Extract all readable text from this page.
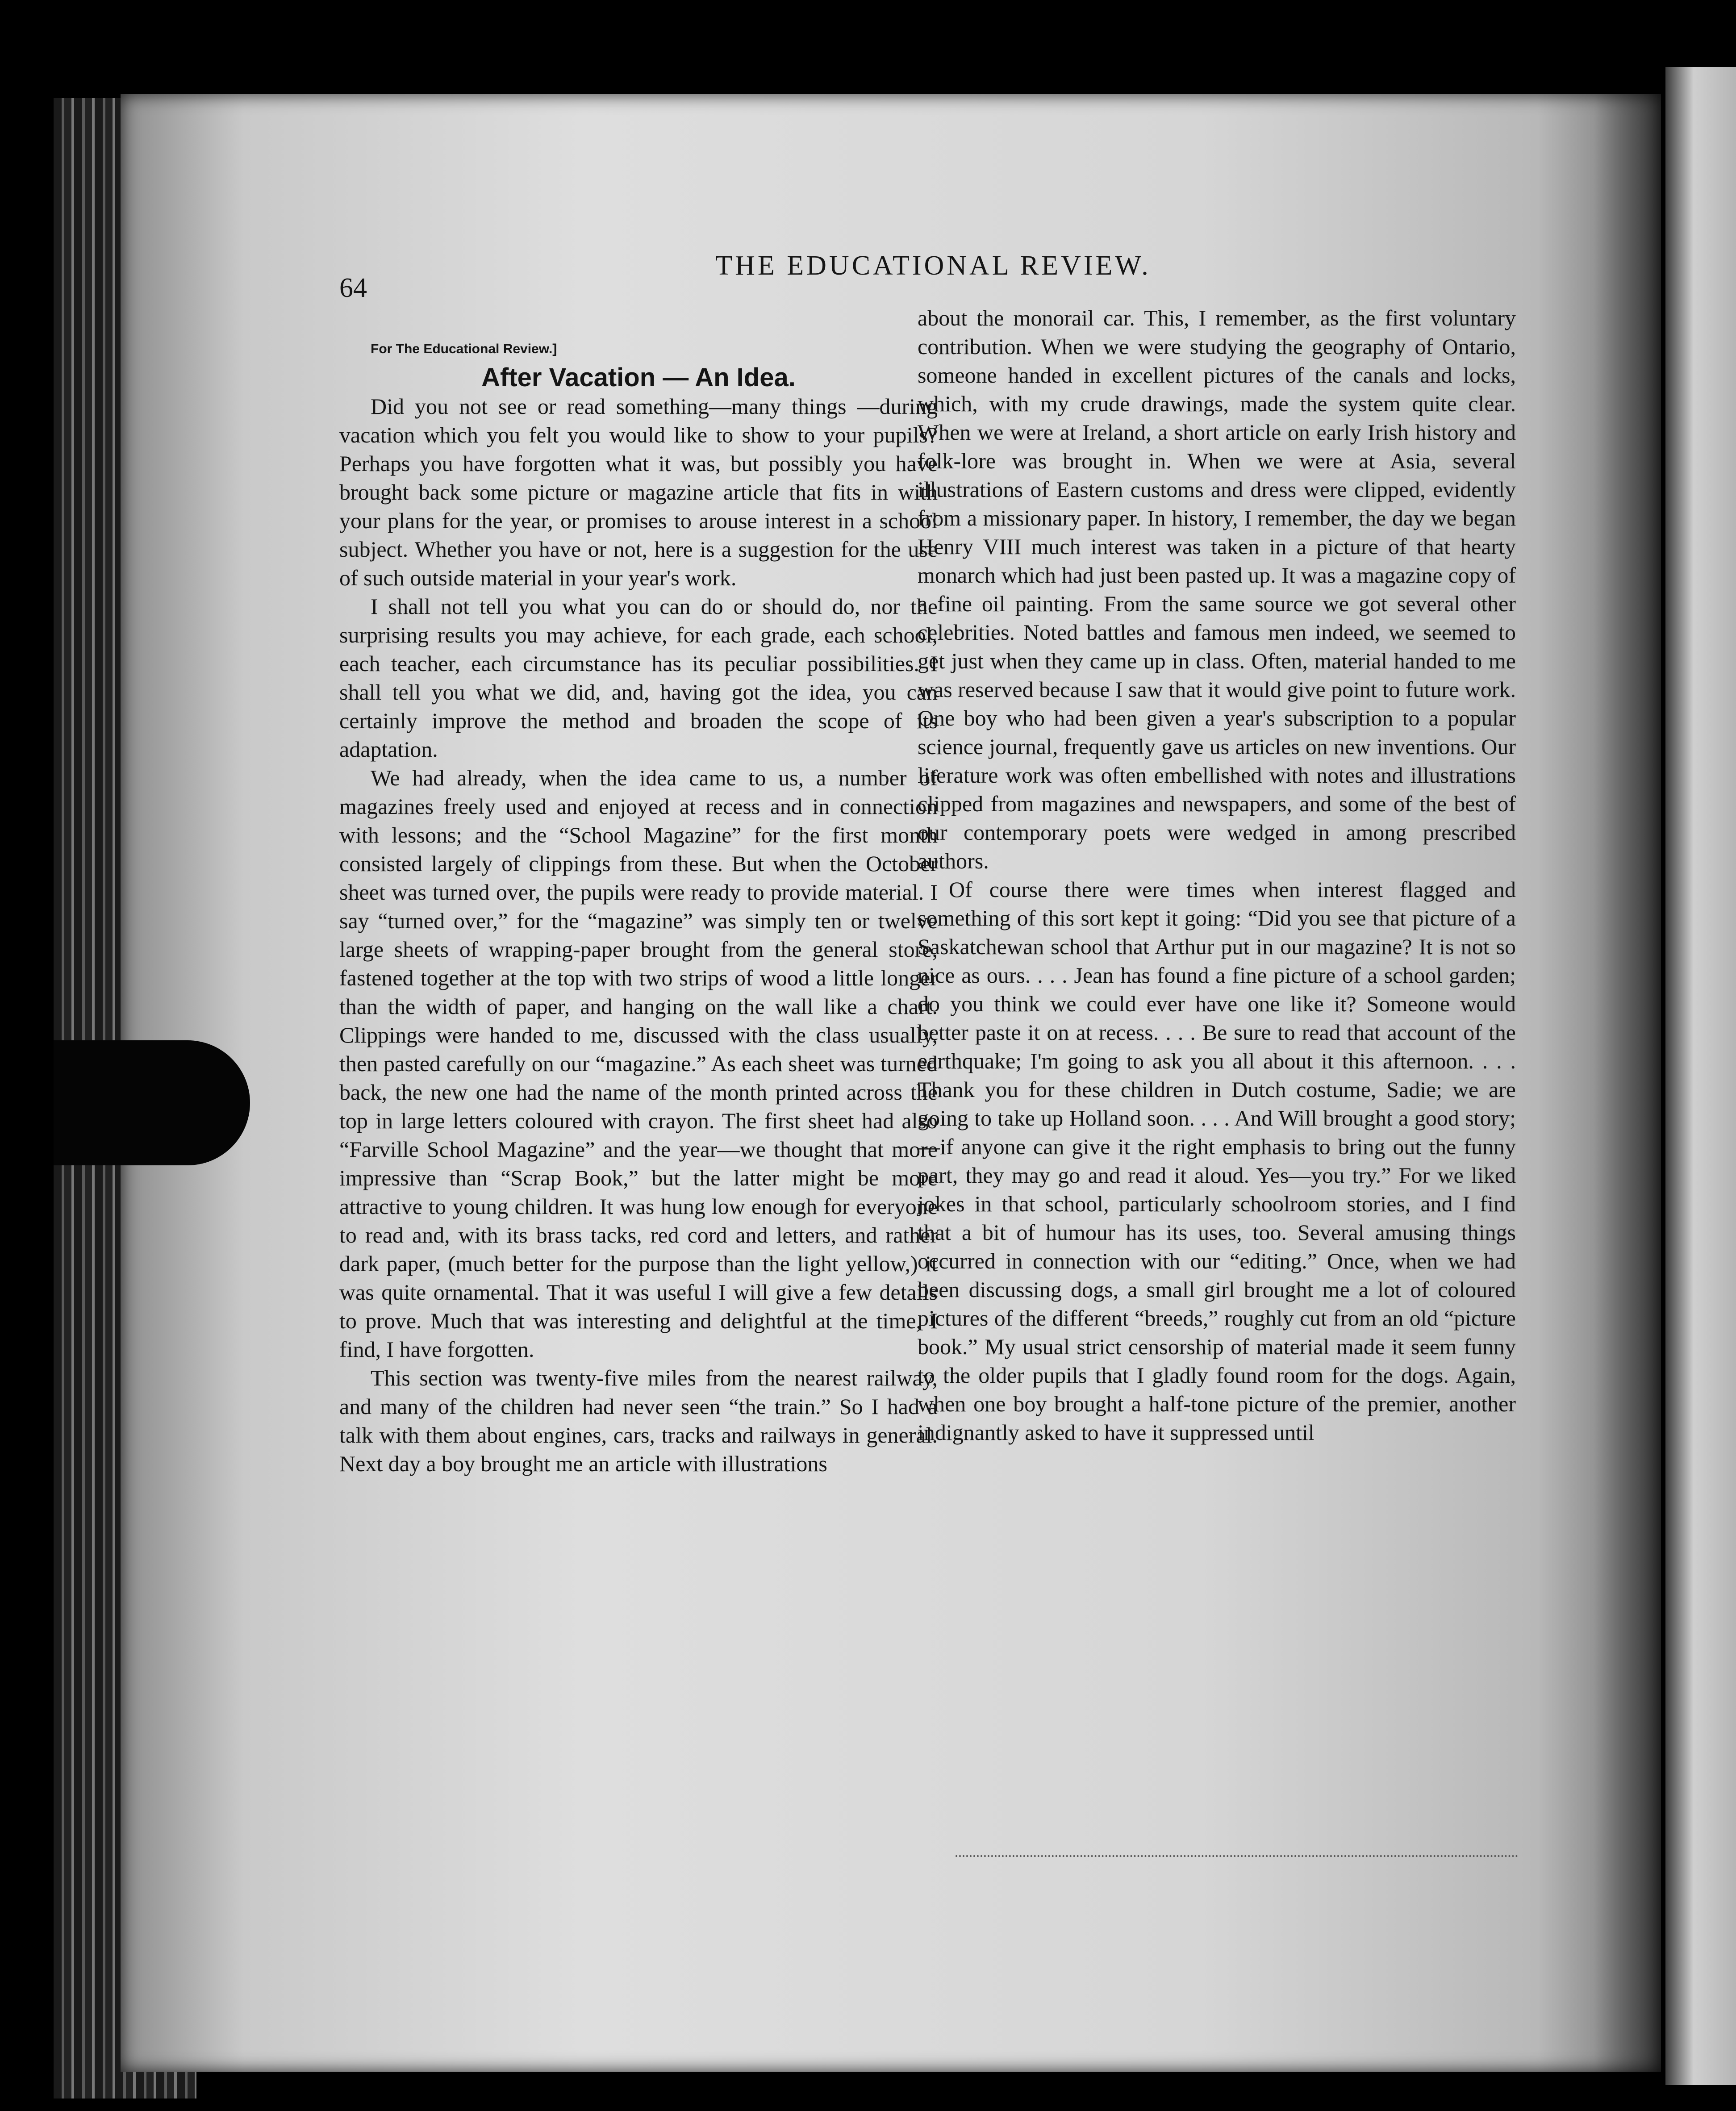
64
THE EDUCATIONAL REVIEW.

For The Educational Review.]

After Vacation — An Idea.

Did you not see or read something—many things —during vacation which you felt you would like to show to your pupils? Perhaps you have forgotten what it was, but possibly you have brought back some picture or magazine article that fits in with your plans for the year, or promises to arouse interest in a school subject. Whether you have or not, here is a suggestion for the use of such outside material in your year's work.

I shall not tell you what you can do or should do, nor the surprising results you may achieve, for each grade, each school, each teacher, each circumstance has its peculiar possibilities. I shall tell you what we did, and, having got the idea, you can certainly improve the method and broaden the scope of its adaptation.

We had already, when the idea came to us, a number of magazines freely used and enjoyed at recess and in connection with lessons; and the “School Magazine” for the first month consisted largely of clippings from these. But when the October sheet was turned over, the pupils were ready to provide material. I say “turned over,” for the “magazine” was simply ten or twelve large sheets of wrapping-paper brought from the general store, fastened together at the top with two strips of wood a little longer than the width of paper, and hanging on the wall like a chart. Clippings were handed to me, discussed with the class usually, then pasted carefully on our “magazine.” As each sheet was turned back, the new one had the name of the month printed across the top in large letters coloured with crayon. The first sheet had also “Farville School Magazine” and the year—we thought that more impressive than “Scrap Book,” but the latter might be more attractive to young children. It was hung low enough for everyone to read and, with its brass tacks, red cord and letters, and rather dark paper, (much better for the purpose than the light yellow,) it was quite ornamental. That it was useful I will give a few details to prove. Much that was interesting and delightful at the time, I find, I have forgotten.

This section was twenty-five miles from the nearest railway, and many of the children had never seen “the train.” So I had a talk with them about engines, cars, tracks and railways in general. Next day a boy brought me an article with illustrations

about the monorail car. This, I remember, as the first voluntary contribution. When we were studying the geography of Ontario, someone handed in excellent pictures of the canals and locks, which, with my crude drawings, made the system quite clear. When we were at Ireland, a short article on early Irish history and folk-lore was brought in. When we were at Asia, several illustrations of Eastern customs and dress were clipped, evidently from a missionary paper. In history, I remember, the day we began Henry VIII much interest was taken in a picture of that hearty monarch which had just been pasted up. It was a magazine copy of a fine oil painting. From the same source we got several other celebrities. Noted battles and famous men indeed, we seemed to get just when they came up in class. Often, material handed to me was reserved because I saw that it would give point to future work. One boy who had been given a year's subscription to a popular science journal, frequently gave us articles on new inventions. Our literature work was often embellished with notes and illustrations clipped from magazines and newspapers, and some of the best of our contemporary poets were wedged in among prescribed authors.

Of course there were times when interest flagged and something of this sort kept it going: “Did you see that picture of a Saskatchewan school that Arthur put in our magazine? It is not so nice as ours. . . . Jean has found a fine picture of a school garden; do you think we could ever have one like it? Someone would better paste it on at recess. . . . Be sure to read that account of the earthquake; I'm going to ask you all about it this afternoon. . . . Thank you for these children in Dutch costume, Sadie; we are going to take up Holland soon. . . . And Will brought a good story; —if anyone can give it the right emphasis to bring out the funny part, they may go and read it aloud. Yes—you try.” For we liked jokes in that school, particularly schoolroom stories, and I find that a bit of humour has its uses, too. Several amusing things occurred in connection with our “editing.” Once, when we had been discussing dogs, a small girl brought me a lot of coloured pictures of the different “breeds,” roughly cut from an old “picture book.” My usual strict censorship of material made it seem funny to the older pupils that I gladly found room for the dogs. Again, when one boy brought a half-tone picture of the premier, another indignantly asked to have it suppressed until
